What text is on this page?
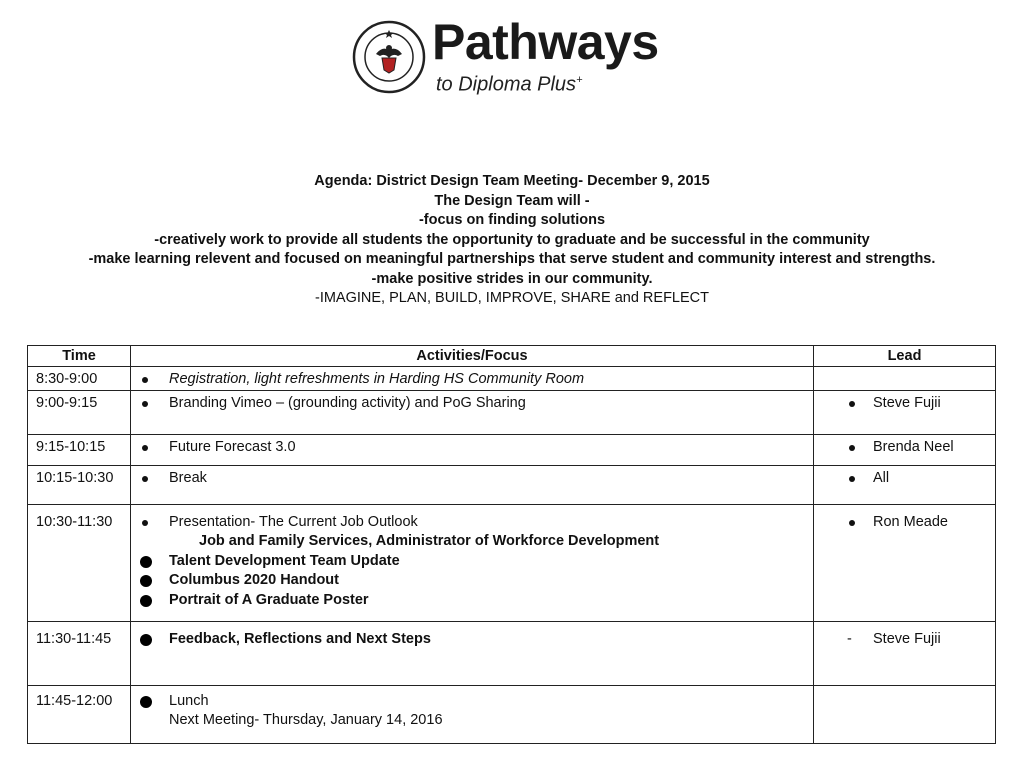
Pathways
to Diploma Plus+
Agenda: District Design Team Meeting- December 9, 2015
The Design Team will -
-focus on finding solutions
-creatively work to provide all students the opportunity to graduate and be successful in the community
-make learning relevent and focused on meaningful partnerships that serve student and community interest and strengths.
-make positive strides in our community.
-IMAGINE, PLAN, BUILD, IMPROVE, SHARE and REFLECT
Time	Activities/Focus	Lead
8:30-9:00	Registration, light refreshments in Harding HS Community Room	

9:00-9:15	Branding Vimeo – (grounding activity) and PoG Sharing	Steve Fujii

9:15-10:15	Future Forecast 3.0	Brenda Neel

10:15-10:30	Break	All

10:30-11:30	Presentation- The Current Job Outlook
Job and Family Services, Administrator of Workforce Development
Talent Development Team Update
Columbus 2020 Handout
Portrait of A Graduate Poster	Ron Meade

11:30-11:45	Feedback, Reflections and Next Steps	- Steve Fujii

11:45-12:00	Lunch
Next Meeting- Thursday, January 14, 2016	
